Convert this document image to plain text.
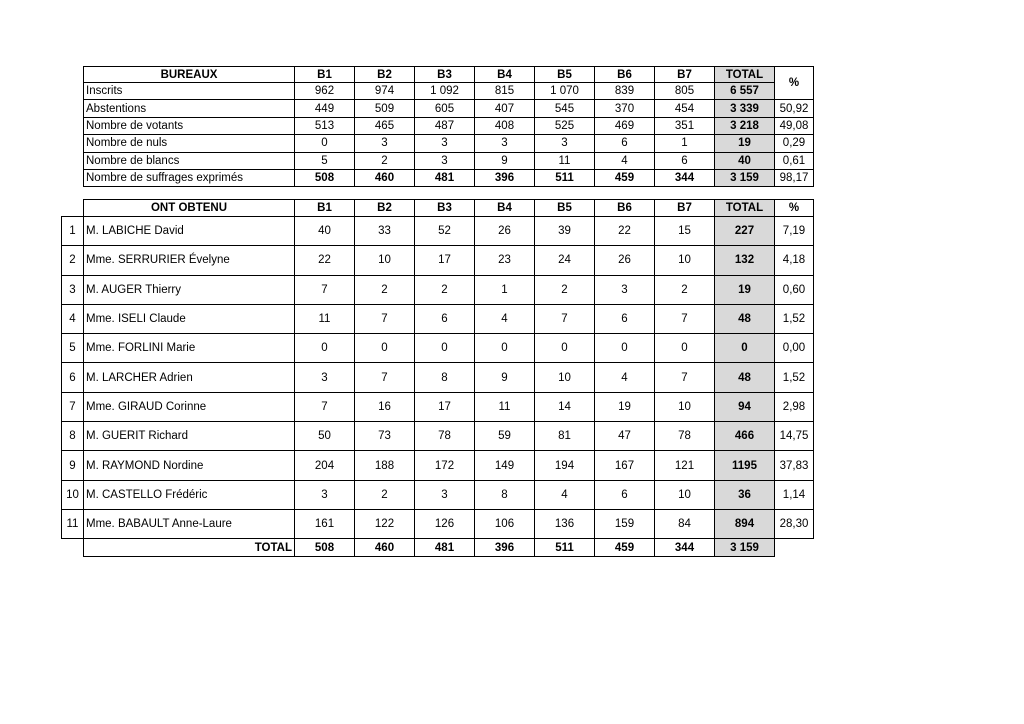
BUREAUX	B1	B2	B3	B4	B5	B6	B7	TOTAL	%
Inscrits	962	974	1 092	815	1 070	839	805	6 557	
Abstentions	449	509	605	407	545	370	454	3 339	50,92
Nombre de votants	513	465	487	408	525	469	351	3 218	49,08
Nombre de nuls	0	3	3	3	3	6	1	19	0,29
Nombre de blancs	5	2	3	9	11	4	6	40	0,61
Nombre de suffrages exprimés	508	460	481	396	511	459	344	3 159	98,17
	ONT OBTENU	B1	B2	B3	B4	B5	B6	B7	TOTAL	%
1	M. LABICHE David	40	33	52	26	39	22	15	227	7,19
2	Mme. SERRURIER Évelyne	22	10	17	23	24	26	10	132	4,18
3	M. AUGER Thierry	7	2	2	1	2	3	2	19	0,60
4	Mme. ISELI Claude	11	7	6	4	7	6	7	48	1,52
5	Mme. FORLINI Marie	0	0	0	0	0	0	0	0	0,00
6	M. LARCHER Adrien	3	7	8	9	10	4	7	48	1,52
7	Mme. GIRAUD Corinne	7	16	17	11	14	19	10	94	2,98
8	M. GUERIT Richard	50	73	78	59	81	47	78	466	14,75
9	M. RAYMOND Nordine	204	188	172	149	194	167	121	1195	37,83
10	M. CASTELLO Frédéric	3	2	3	8	4	6	10	36	1,14
11	Mme. BABAULT Anne-Laure	161	122	126	106	136	159	84	894	28,30
	TOTAL	508	460	481	396	511	459	344	3 159	
